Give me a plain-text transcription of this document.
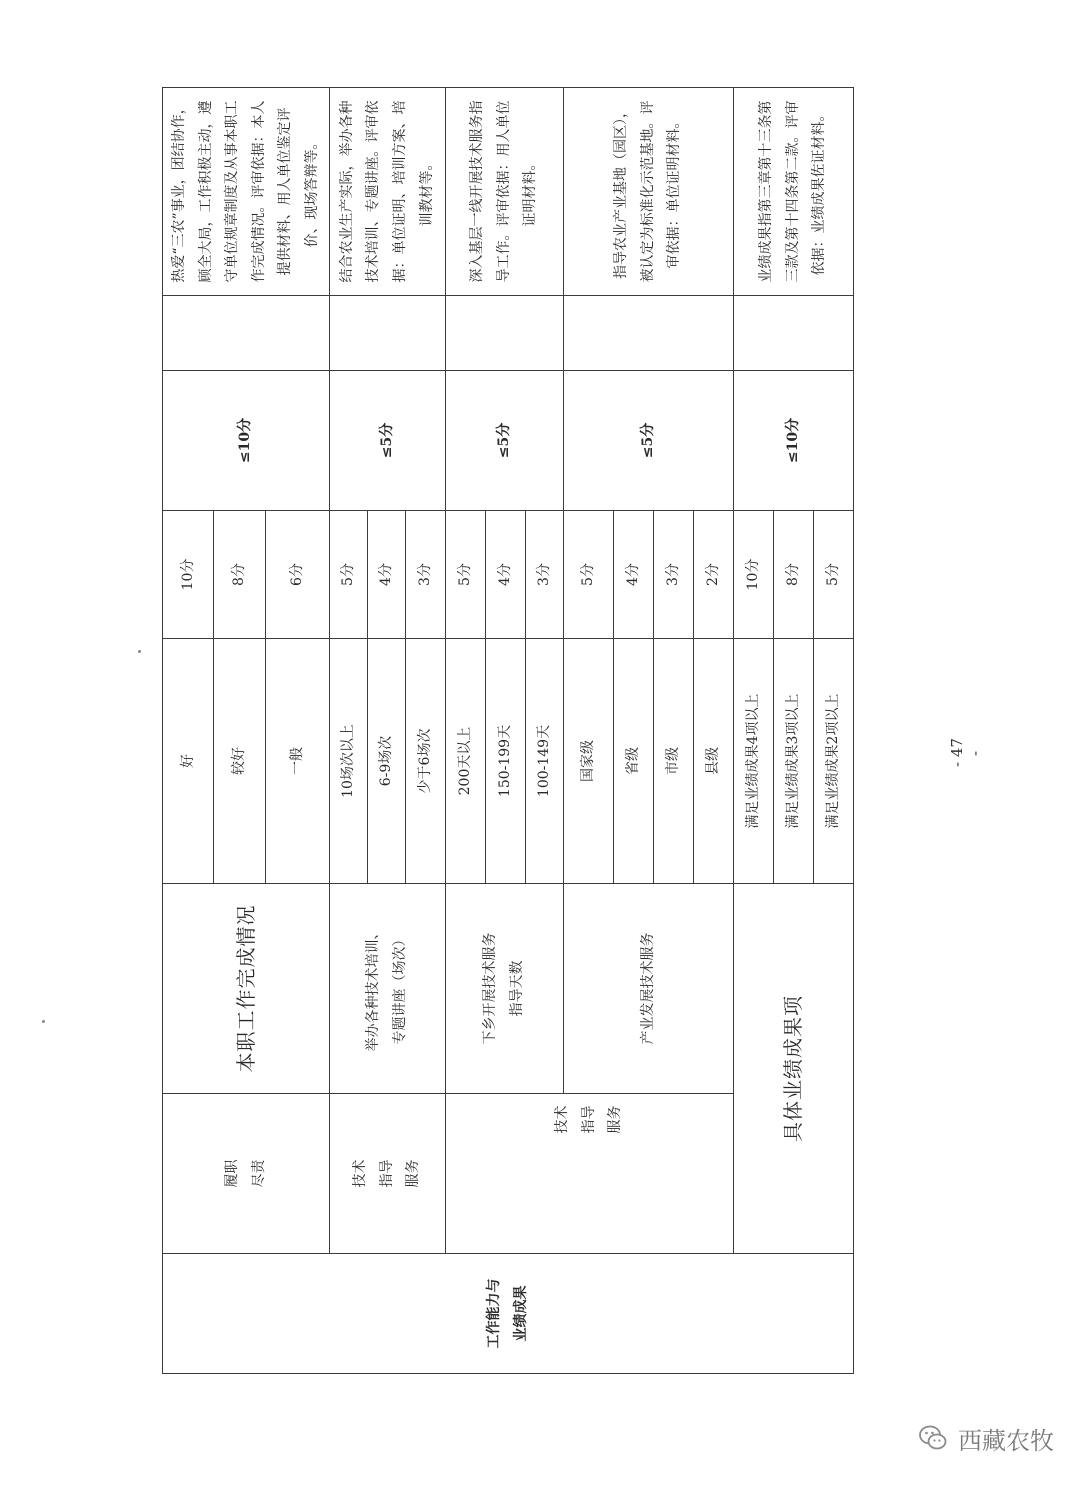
工作能力与 业绩成果	履职 尽责		本职工作完成情况	好	10分	≤10分		热爱“三农”事业，团结协作，顾全大局，工作积极主动，遵守单位规章制度及从事本职工作完成情况。评审依据：本人提供材料、用人单位鉴定评价、现场答辩等。
				较好	8分			
				一般	6分			
	技术 指导 服务		举办各种技术培训、 专题讲座（场次）	10场次以上	5分	≤5分		结合农业生产实际，举办各种技术培训、专题讲座。评审依据：单位证明、培训方案、培训教材等。
				6-9场次	4分			
				少于6场次	3分			
		技术 指导 服务	下乡开展技术服务 指导天数	200天以上	5分	≤5分		深入基层一线开展技术服务指导工作。评审依据：用人单位证明材料。
				150-199天	4分			
				100-149天	3分			
			产业发展技术服务	国家级	5分	≤5分		指导农业产业基地（园区），被认定为标准化示范基地。评审依据：单位证明材料。
				省级	4分			
				市级	3分			
				县级	2分			
	具体业绩成果项			满足业绩成果4项以上	10分	≤10分		业绩成果指第三章第十三条第三款及第十四条第二款。评审依据：业绩成果佐证材料。
				满足业绩成果3项以上	8分			
				满足业绩成果2项以上	5分			
- 47 -
西藏农牧
